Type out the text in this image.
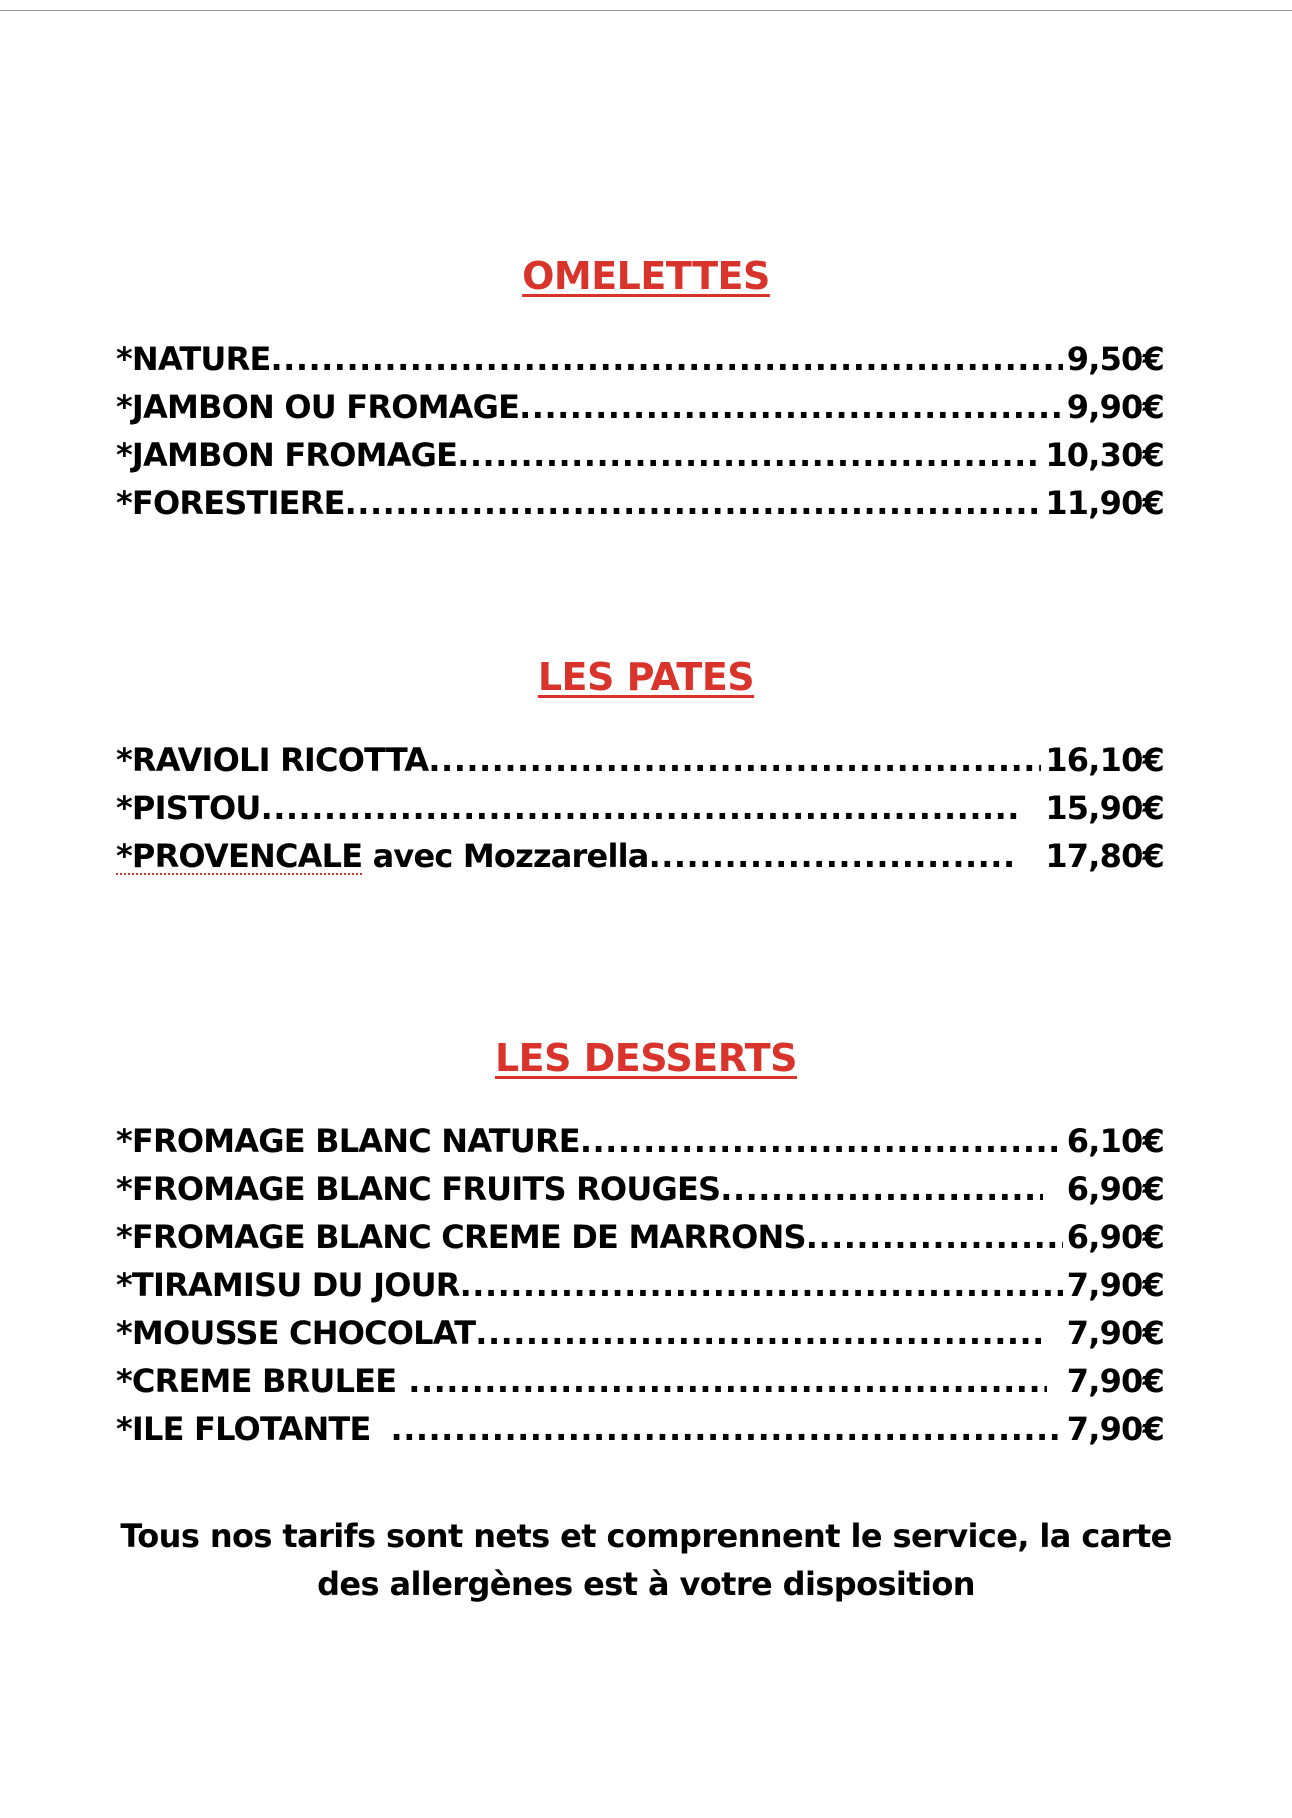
OMELETTES
*NATURE .....	9,50€
*JAMBON OU FROMAGE .....	9,90€
*JAMBON FROMAGE .....	10,30€
*FORESTIERE .....	11,90€
LES PATES
*RAVIOLI RICOTTA .....	16,10€
*PISTOU .....	15,90€
*PROVENCALE avec Mozzarella .....	17,80€
LES DESSERTS
*FROMAGE BLANC NATURE .....	6,10€
*FROMAGE BLANC FRUITS ROUGES .....	6,90€
*FROMAGE BLANC CREME DE MARRONS .....	6,90€
*TIRAMISU DU JOUR .....	7,90€
*MOUSSE CHOCOLAT .....	7,90€
*CREME BRULEE .....	7,90€
*ILE FLOTANTE .....	7,90€
Tous nos tarifs sont nets et comprennent le service, la carte
des allergènes est à votre disposition
